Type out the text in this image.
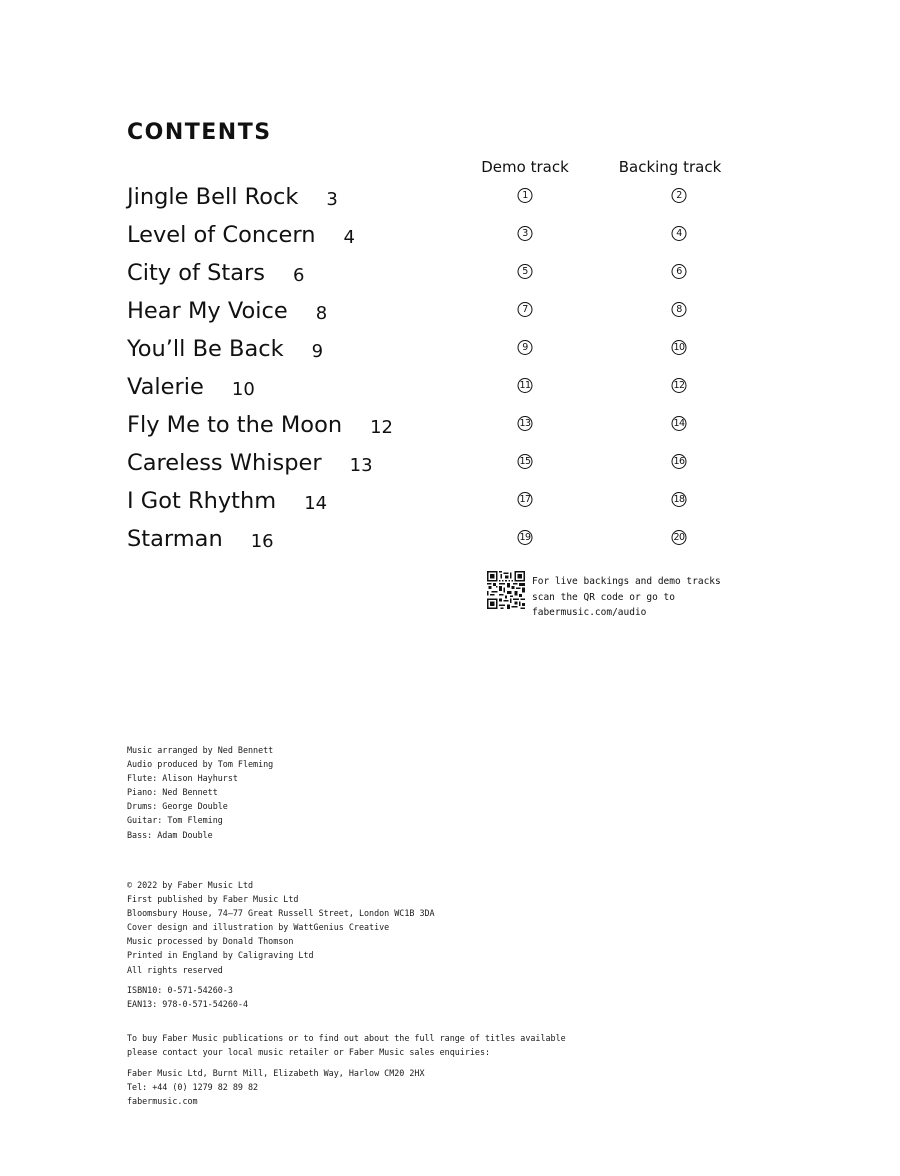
CONTENTS
Demo track	Backing track
Jingle Bell Rock 3	1	2
Level of Concern 4	3	4
City of Stars 6	5	6
Hear My Voice 8	7	8
You’ll Be Back 9	9	10
Valerie 10	11	12
Fly Me to the Moon 12	13	14
Careless Whisper 13	15	16
I Got Rhythm 14	17	18
Starman 16	19	20
For live backings and demo tracks scan the QR code or go to fabermusic.com/audio
Music arranged by Ned Bennett
Audio produced by Tom Fleming
Flute: Alison Hayhurst
Piano: Ned Bennett
Drums: George Double
Guitar: Tom Fleming
Bass: Adam Double
© 2022 by Faber Music Ltd
First published by Faber Music Ltd
Bloomsbury House, 74–77 Great Russell Street, London WC1B 3DA
Cover design and illustration by WattGenius Creative
Music processed by Donald Thomson
Printed in England by Caligraving Ltd
All rights reserved
ISBN10: 0-571-54260-3
EAN13: 978-0-571-54260-4
To buy Faber Music publications or to find out about the full range of titles available
please contact your local music retailer or Faber Music sales enquiries:
Faber Music Ltd, Burnt Mill, Elizabeth Way, Harlow CM20 2HX
Tel: +44 (0) 1279 82 89 82
fabermusic.com
